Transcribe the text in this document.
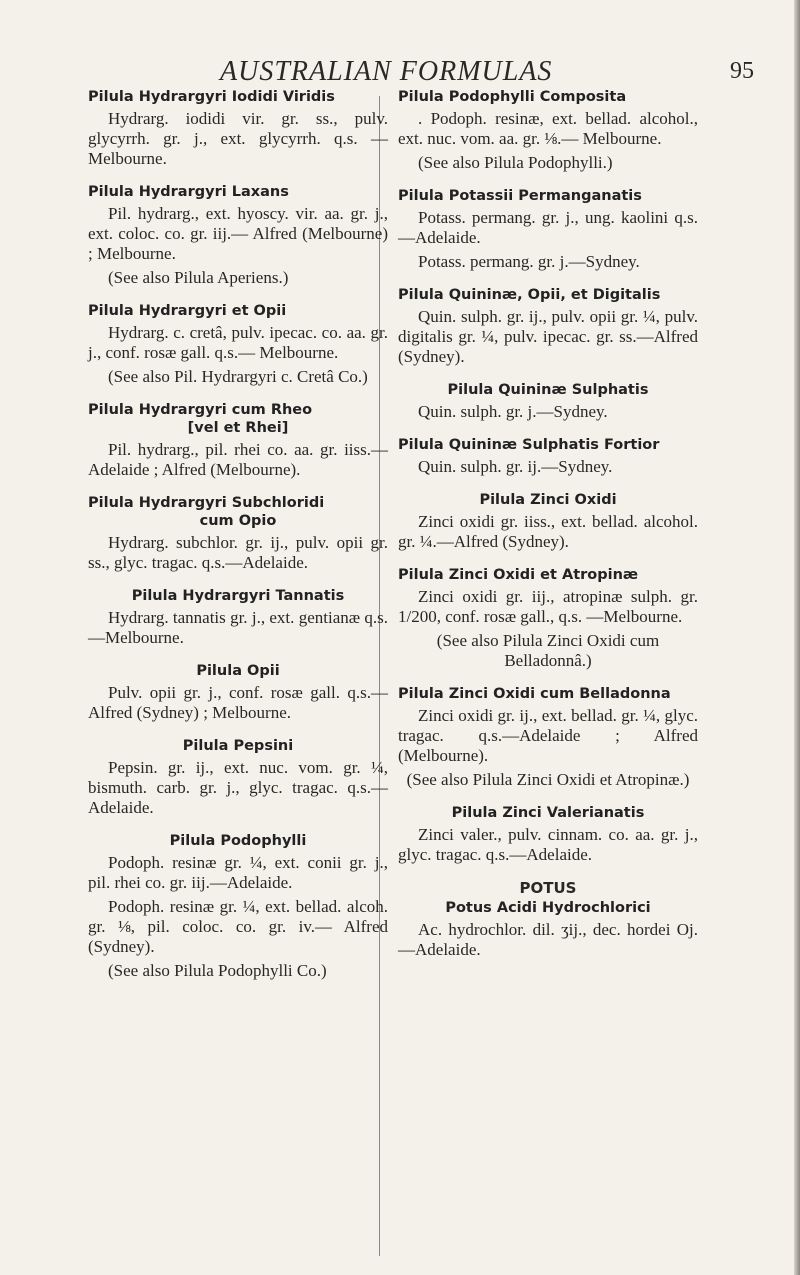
AUSTRALIAN FORMULAS	95
Pilula Hydrargyri Iodidi Viridis

Hydrarg. iodidi vir. gr. ss., pulv. glycyrrh. gr. j., ext. glycyrrh. q.s. —Melbourne.

Pilula Hydrargyri Laxans

Pil. hydrarg., ext. hyoscy. vir. aa. gr. j., ext. coloc. co. gr. iij.— Alfred (Melbourne) ; Melbourne.

(See also Pilula Aperiens.)

Pilula Hydrargyri et Opii

Hydrarg. c. cretâ, pulv. ipecac. co. aa. gr. j., conf. rosæ gall. q.s.— Melbourne.

(See also Pil. Hydrargyri c. Cretâ Co.)

Pilula Hydrargyri cum Rheo
[vel et Rhei]

Pil. hydrarg., pil. rhei co. aa. gr. iiss.—Adelaide ; Alfred (Melbourne).

Pilula Hydrargyri Subchloridi
cum Opio

Hydrarg. subchlor. gr. ij., pulv. opii gr. ss., glyc. tragac. q.s.—Adelaide.

Pilula Hydrargyri Tannatis

Hydrarg. tannatis gr. j., ext. gentianæ q.s.—Melbourne.

Pilula Opii

Pulv. opii gr. j., conf. rosæ gall. q.s.—Alfred (Sydney) ; Melbourne.

Pilula Pepsini

Pepsin. gr. ij., ext. nuc. vom. gr. ¼, bismuth. carb. gr. j., glyc. tragac. q.s.—Adelaide.

Pilula Podophylli

Podoph. resinæ gr. ¼, ext. conii gr. j., pil. rhei co. gr. iij.—Adelaide.

Podoph. resinæ gr. ¼, ext. bellad. alcoh. gr. ⅛, pil. coloc. co. gr. iv.— Alfred (Sydney).

(See also Pilula Podophylli Co.)

Pilula Podophylli Composita

. Podoph. resinæ, ext. bellad. alcohol., ext. nuc. vom. aa. gr. ⅛.— Melbourne.

(See also Pilula Podophylli.)

Pilula Potassii Permanganatis

Potass. permang. gr. j., ung. kaolini q.s.—Adelaide.

Potass. permang. gr. j.—Sydney.

Pilula Quininæ, Opii, et Digitalis

Quin. sulph. gr. ij., pulv. opii gr. ¼, pulv. digitalis gr. ¼, pulv. ipecac. gr. ss.—Alfred (Sydney).

Pilula Quininæ Sulphatis

Quin. sulph. gr. j.—Sydney.

Pilula Quininæ Sulphatis Fortior

Quin. sulph. gr. ij.—Sydney.

Pilula Zinci Oxidi

Zinci oxidi gr. iiss., ext. bellad. alcohol. gr. ¼.—Alfred (Sydney).

Pilula Zinci Oxidi et Atropinæ

Zinci oxidi gr. iij., atropinæ sulph. gr. 1/200, conf. rosæ gall., q.s. —Melbourne.

(See also Pilula Zinci Oxidi cum Belladonnâ.)

Pilula Zinci Oxidi cum Belladonna

Zinci oxidi gr. ij., ext. bellad. gr. ¼, glyc. tragac. q.s.—Adelaide ; Alfred (Melbourne).

(See also Pilula Zinci Oxidi et Atropinæ.)

Pilula Zinci Valerianatis

Zinci valer., pulv. cinnam. co. aa. gr. j., glyc. tragac. q.s.—Adelaide.

POTUS
Potus Acidi Hydrochlorici

Ac. hydrochlor. dil. ʒij., dec. hordei Oj.—Adelaide.
